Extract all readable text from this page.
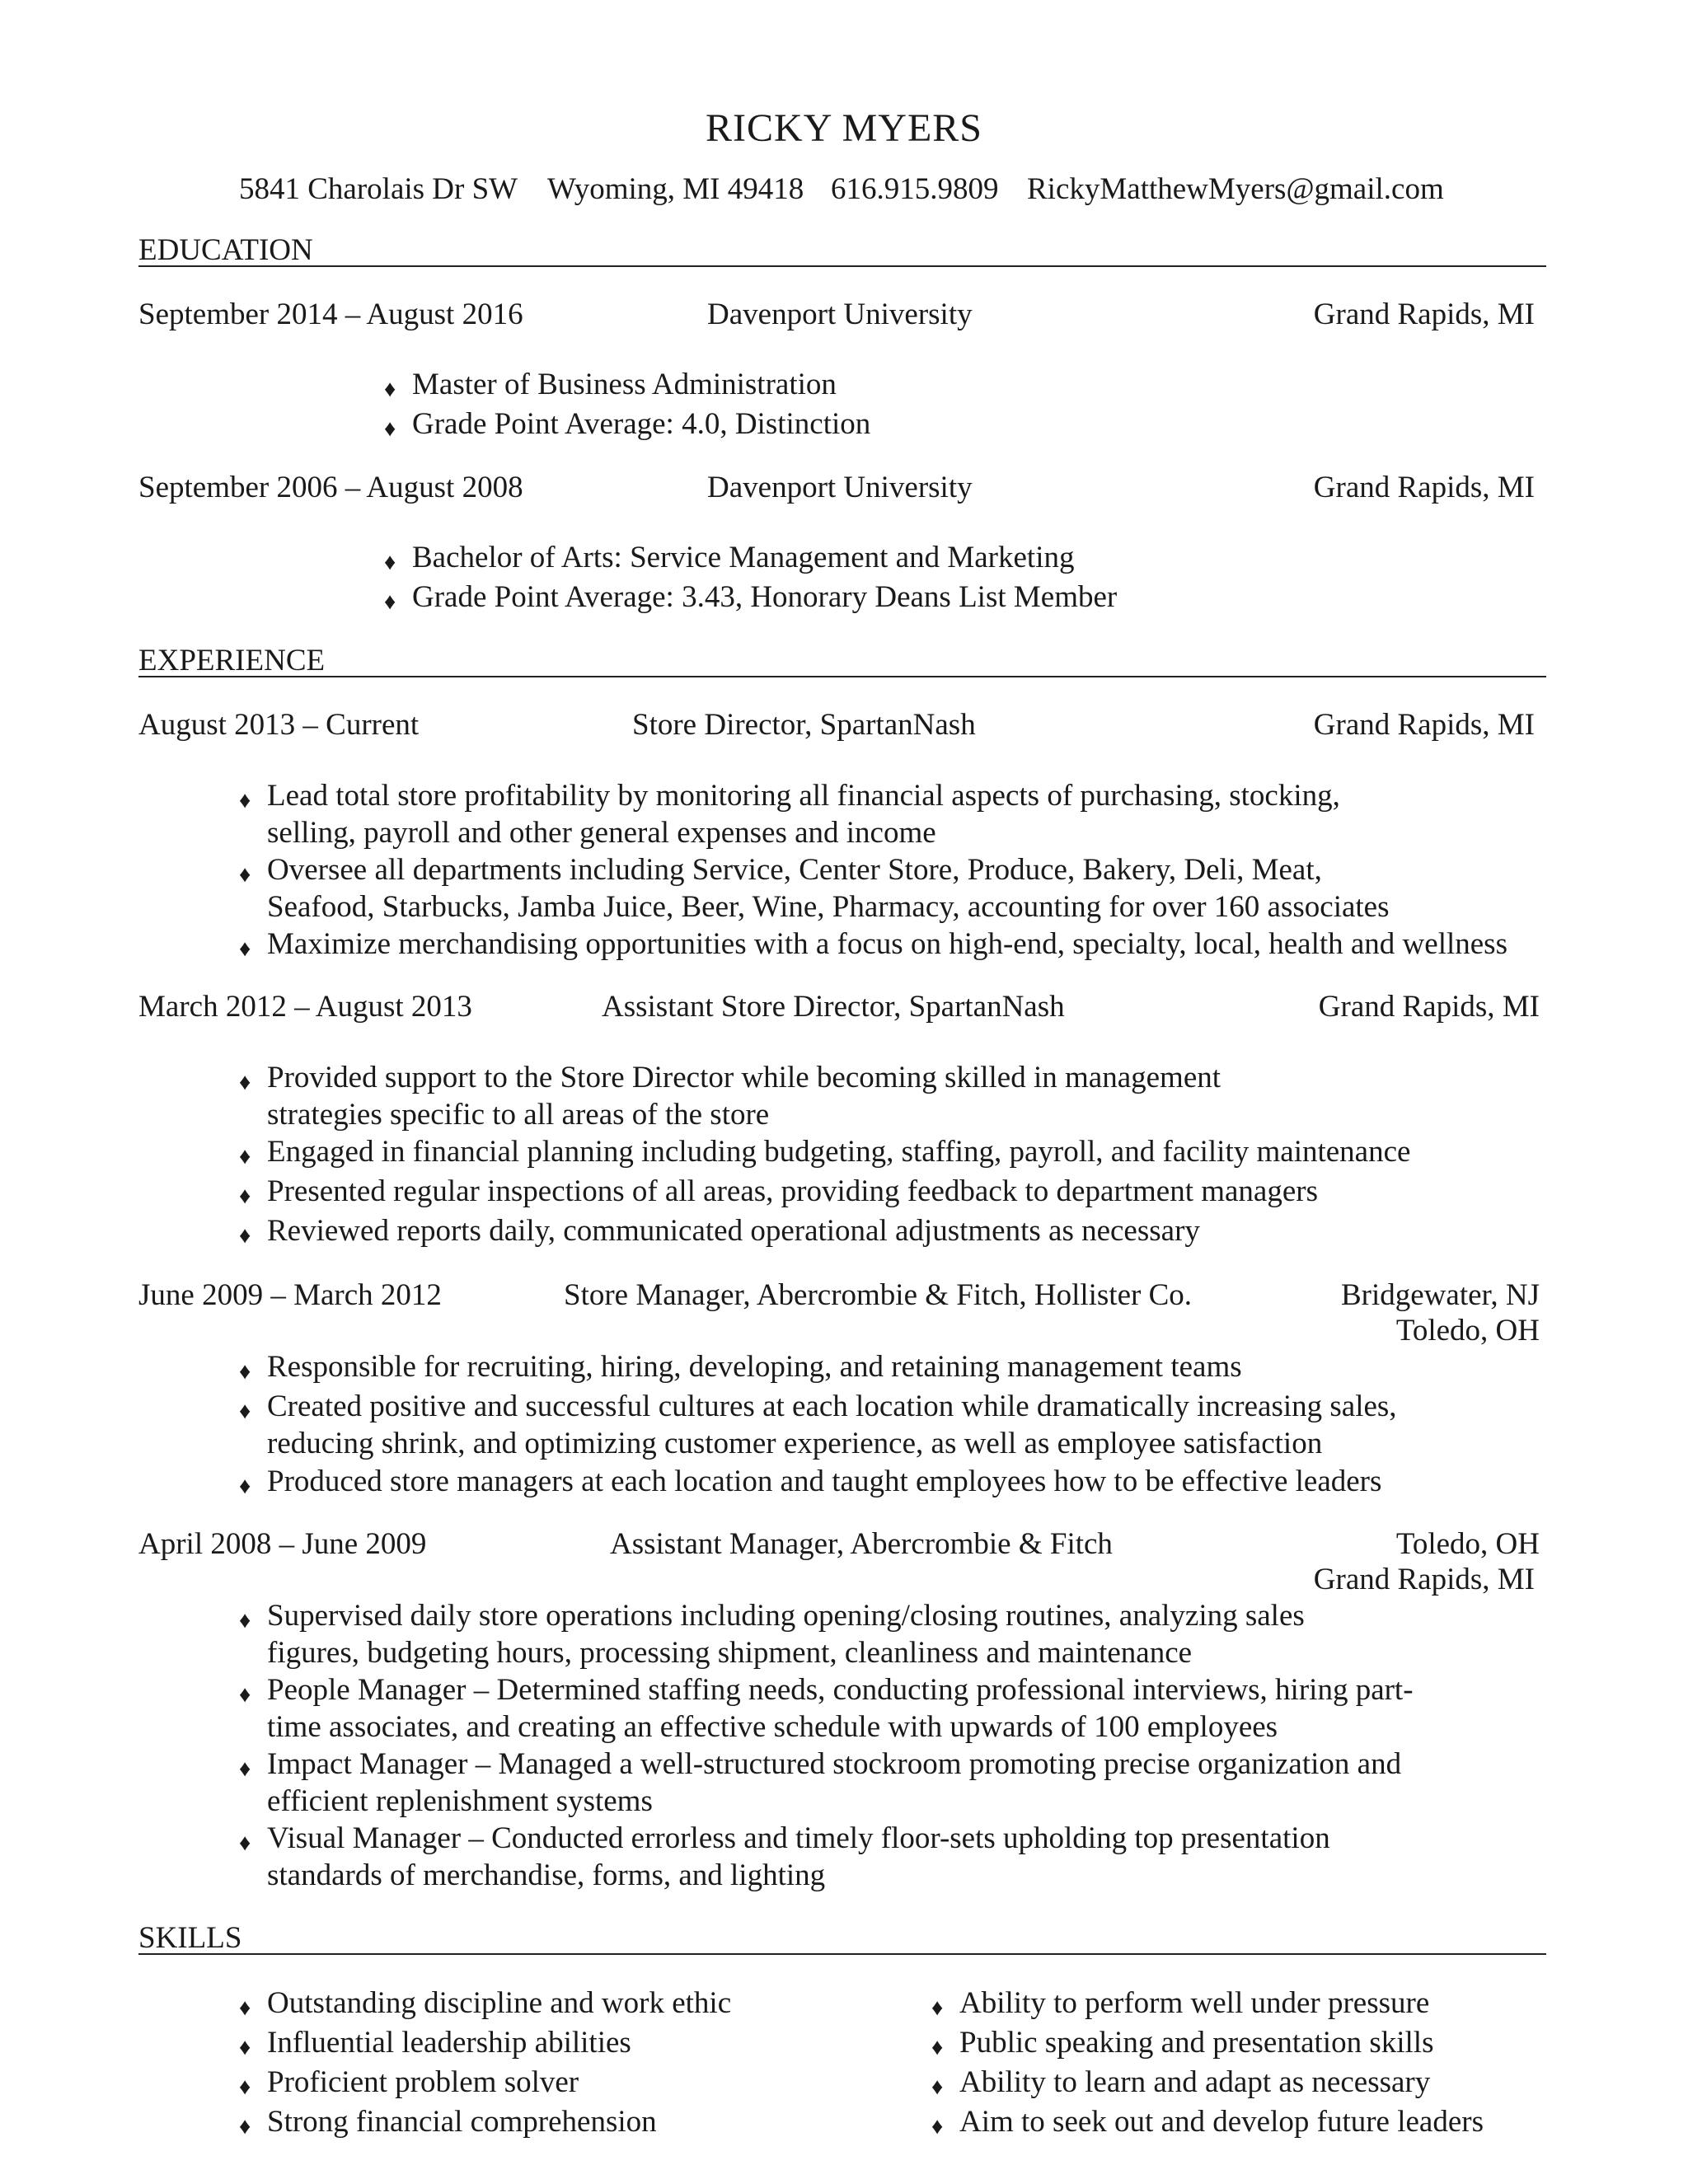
RICKY MYERS
5841 Charolais Dr SW Wyoming, MI 49418 616.915.9809 RickyMatthewMyers@gmail.com
EDUCATION
September 2014 – August 2016	Davenport University	Grand Rapids, MI
♦ Master of Business Administration
♦ Grade Point Average: 4.0, Distinction
September 2006 – August 2008	Davenport University	Grand Rapids, MI
♦ Bachelor of Arts: Service Management and Marketing
♦ Grade Point Average: 3.43, Honorary Deans List Member
EXPERIENCE
August 2013 – Current	Store Director, SpartanNash	Grand Rapids, MI
♦ Lead total store profitability by monitoring all financial aspects of purchasing, stocking,
selling, payroll and other general expenses and income
♦ Oversee all departments including Service, Center Store, Produce, Bakery, Deli, Meat,
Seafood, Starbucks, Jamba Juice, Beer, Wine, Pharmacy, accounting for over 160 associates
♦ Maximize merchandising opportunities with a focus on high-end, specialty, local, health and wellness
March 2012 – August 2013	Assistant Store Director, SpartanNash	Grand Rapids, MI
♦ Provided support to the Store Director while becoming skilled in management
strategies specific to all areas of the store
♦ Engaged in financial planning including budgeting, staffing, payroll, and facility maintenance
♦ Presented regular inspections of all areas, providing feedback to department managers
♦ Reviewed reports daily, communicated operational adjustments as necessary
June 2009 – March 2012	Store Manager, Abercrombie & Fitch, Hollister Co.	Bridgewater, NJ
Toledo, OH
♦ Responsible for recruiting, hiring, developing, and retaining management teams
♦ Created positive and successful cultures at each location while dramatically increasing sales,
reducing shrink, and optimizing customer experience, as well as employee satisfaction
♦ Produced store managers at each location and taught employees how to be effective leaders
April 2008 – June 2009	Assistant Manager, Abercrombie & Fitch	Toledo, OH
Grand Rapids, MI
♦ Supervised daily store operations including opening/closing routines, analyzing sales
figures, budgeting hours, processing shipment, cleanliness and maintenance
♦ People Manager – Determined staffing needs, conducting professional interviews, hiring part-
time associates, and creating an effective schedule with upwards of 100 employees
♦ Impact Manager – Managed a well-structured stockroom promoting precise organization and
efficient replenishment systems
♦ Visual Manager – Conducted errorless and timely floor-sets upholding top presentation
standards of merchandise, forms, and lighting
SKILLS
♦ Outstanding discipline and work ethic
♦ Influential leadership abilities
♦ Proficient problem solver
♦ Strong financial comprehension
♦ Ability to perform well under pressure
♦ Public speaking and presentation skills
♦ Ability to learn and adapt as necessary
♦ Aim to seek out and develop future leaders
